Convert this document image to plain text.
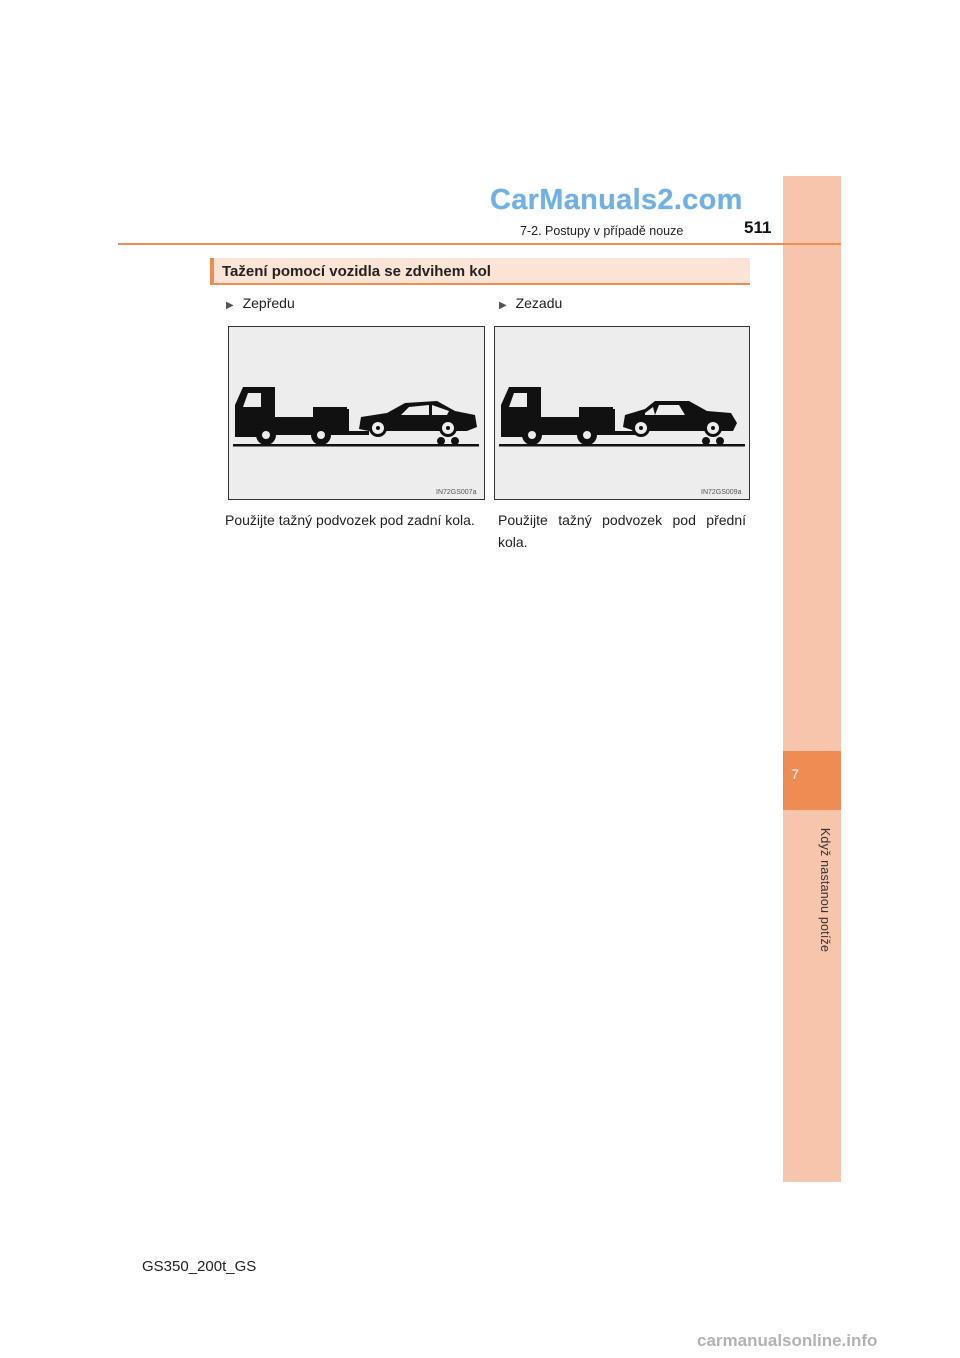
7
Když nastanou potíže
CarManuals2.com
7-2. Postupy v případě nouze	511
Tažení pomocí vozidla se zdvihem kol
▶ Zepředu	▶ Zezadu
IN72GS007a	IN72GS009a
Použijte tažný podvozek pod zadní kola.	Použijte tažný podvozek pod přední kola.
GS350_200t_GS
carmanualsonline.info
